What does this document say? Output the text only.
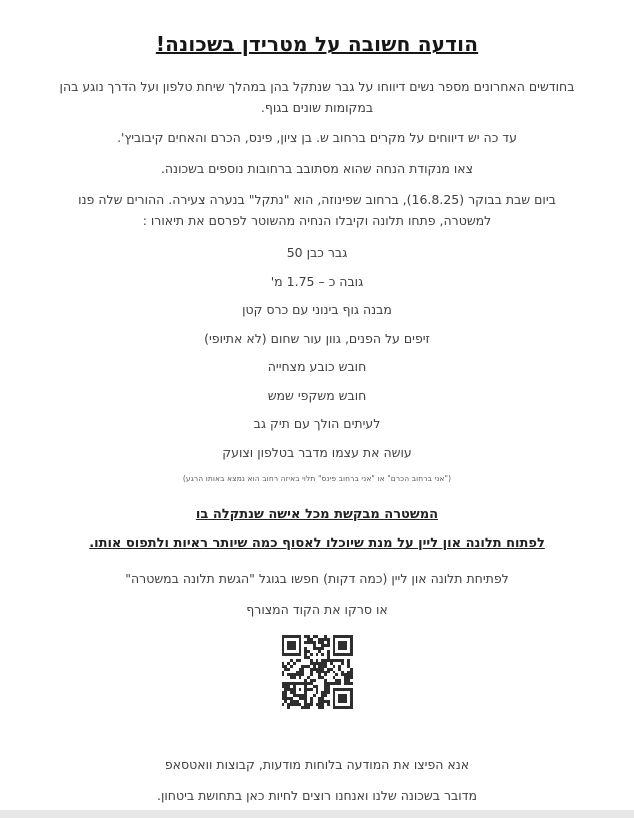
הודעה חשובה על מטרידן בשכונה!

בחודשים האחרונים מספר נשים דיווחו על גבר שנתקל בהן במהלך שיחת טלפון ועל הדרך נוגע בהן במקומות שונים בגוף.

עד כה יש דיווחים על מקרים ברחוב ש. בן ציון, פינס, הכרם והאחים קיבוביץ'.

צאו מנקודת הנחה שהוא מסתובב ברחובות נוספים בשכונה.

ביום שבת בבוקר (16.8.25), ברחוב שפינוזה, הוא "נתקל" בנערה צעירה. ההורים שלה פנו למשטרה, פתחו תלונה וקיבלו הנחיה מהשוטר לפרסם את תיאורו :

גבר כבן 50

גובה כ – 1.75 מ'

מבנה גוף בינוני עם כרס קטן

זיפים על הפנים, גוון עור שחום (לא אתיופי)

חובש כובע מצחייה

חובש משקפי שמש

לעיתים הולך עם תיק גב

עושה את עצמו מדבר בטלפון וצועק

("אני ברחוב הכרם" או "אני ברחוב פינס" תלוי באיזה רחוב הוא נמצא באותו הרגע)

המשטרה מבקשת מכל אישה שנתקלה בו

לפתוח תלונה און ליין על מנת שיוכלו לאסוף כמה שיותר ראיות ולתפוס אותו.

לפתיחת תלונה און ליין (כמה דקות) חפשו בגוגל "הגשת תלונה במשטרה"

או סרקו את הקוד המצורף

אנא הפיצו את המודעה בלוחות מודעות, קבוצות וואטסאפ

מדובר בשכונה שלנו ואנחנו רוצים לחיות כאן בתחושת ביטחון.
